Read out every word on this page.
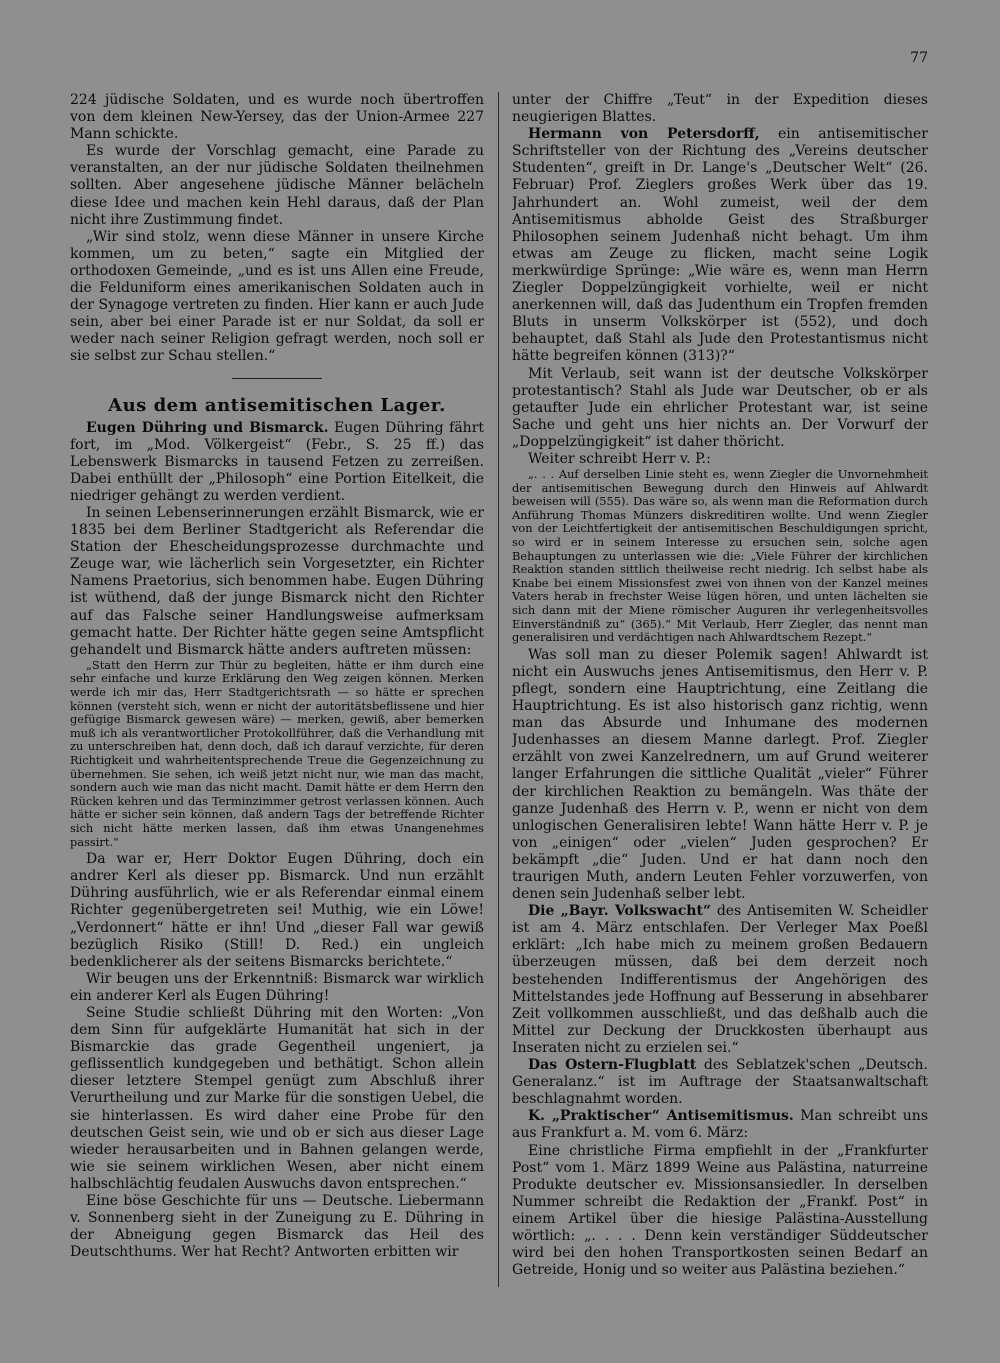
77

224 jüdische Soldaten, und es wurde noch übertroffen von dem kleinen New-Yersey, das der Union-Armee 227 Mann schickte.

Es wurde der Vorschlag gemacht, eine Parade zu veranstalten, an der nur jüdische Soldaten theilnehmen sollten. Aber angesehene jüdische Männer belächeln diese Idee und machen kein Hehl daraus, daß der Plan nicht ihre Zustimmung findet.

„Wir sind stolz, wenn diese Männer in unsere Kirche kommen, um zu beten,“ sagte ein Mitglied der orthodoxen Gemeinde, „und es ist uns Allen eine Freude, die Felduniform eines amerikanischen Soldaten auch in der Synagoge vertreten zu finden. Hier kann er auch Jude sein, aber bei einer Parade ist er nur Soldat, da soll er weder nach seiner Religion gefragt werden, noch soll er sie selbst zur Schau stellen.“

Aus dem antisemitischen Lager.

Eugen Dühring und Bismarck. Eugen Dühring fährt fort, im „Mod. Völkergeist“ (Febr., S. 25 ff.) das Lebenswerk Bismarcks in tausend Fetzen zu zerreißen. Dabei enthüllt der „Philosoph“ eine Portion Eitelkeit, die niedriger gehängt zu werden verdient.

In seinen Lebenserinnerungen erzählt Bismarck, wie er 1835 bei dem Berliner Stadtgericht als Referendar die Station der Ehescheidungsprozesse durchmachte und Zeuge war, wie lächerlich sein Vorgesetzter, ein Richter Namens Praetorius, sich benommen habe. Eugen Dühring ist wüthend, daß der junge Bismarck nicht den Richter auf das Falsche seiner Handlungsweise aufmerksam gemacht hatte. Der Richter hätte gegen seine Amtspflicht gehandelt und Bismarck hätte anders auftreten müssen:

„Statt den Herrn zur Thür zu begleiten, hätte er ihm durch eine sehr einfache und kurze Erklärung den Weg zeigen können. Merken werde ich mir das, Herr Stadtgerichtsrath — so hätte er sprechen können (versteht sich, wenn er nicht der autoritätsbeflissene und hier gefügige Bismarck gewesen wäre) — merken, gewiß, aber bemerken muß ich als verantwortlicher Protokollführer, daß die Verhandlung mit zu unterschreiben hat, denn doch, daß ich darauf verzichte, für deren Richtigkeit und wahrheitentsprechende Treue die Gegenzeichnung zu übernehmen. Sie sehen, ich weiß jetzt nicht nur, wie man das macht, sondern auch wie man das nicht macht. Damit hätte er dem Herrn den Rücken kehren und das Terminzimmer getrost verlassen können. Auch hätte er sicher sein können, daß andern Tags der betreffende Richter sich nicht hätte merken lassen, daß ihm etwas Unangenehmes passirt.“

Da war er, Herr Doktor Eugen Dühring, doch ein andrer Kerl als dieser pp. Bismarck. Und nun erzählt Dühring ausführlich, wie er als Referendar einmal einem Richter gegenübergetreten sei! Muthig, wie ein Löwe! „Verdonnert“ hätte er ihn! Und „dieser Fall war gewiß bezüglich Risiko (Still! D. Red.) ein ungleich bedenklicherer als der seitens Bismarcks berichtete.“

Wir beugen uns der Erkenntniß: Bismarck war wirklich ein anderer Kerl als Eugen Dühring!

Seine Studie schließt Dühring mit den Worten: „Von dem Sinn für aufgeklärte Humanität hat sich in der Bismarckie das grade Gegentheil ungeniert, ja geflissentlich kundgegeben und bethätigt. Schon allein dieser letztere Stempel genügt zum Abschluß ihrer Verurtheilung und zur Marke für die sonstigen Uebel, die sie hinterlassen. Es wird daher eine Probe für den deutschen Geist sein, wie und ob er sich aus dieser Lage wieder herausarbeiten und in Bahnen gelangen werde, wie sie seinem wirklichen Wesen, aber nicht einem halbschlächtig feudalen Auswuchs davon entsprechen.“

Eine böse Geschichte für uns — Deutsche. Liebermann v. Sonnenberg sieht in der Zuneigung zu E. Dühring in der Abneigung gegen Bismarck das Heil des Deutschthums. Wer hat Recht? Antworten erbitten wir

unter der Chiffre „Teut“ in der Expedition dieses neugierigen Blattes.

Hermann von Petersdorff, ein antisemitischer Schriftsteller von der Richtung des „Vereins deutscher Studenten“, greift in Dr. Lange's „Deutscher Welt“ (26. Februar) Prof. Zieglers großes Werk über das 19. Jahrhundert an. Wohl zumeist, weil der dem Antisemitismus abholde Geist des Straßburger Philosophen seinem Judenhaß nicht behagt. Um ihm etwas am Zeuge zu flicken, macht seine Logik merkwürdige Sprünge: „Wie wäre es, wenn man Herrn Ziegler Doppelzüngigkeit vorhielte, weil er nicht anerkennen will, daß das Judenthum ein Tropfen fremden Bluts in unserm Volkskörper ist (552), und doch behauptet, daß Stahl als Jude den Protestantismus nicht hätte begreifen können (313)?“

Mit Verlaub, seit wann ist der deutsche Volkskörper protestantisch? Stahl als Jude war Deutscher, ob er als getaufter Jude ein ehrlicher Protestant war, ist seine Sache und geht uns hier nichts an. Der Vorwurf der „Doppelzüngigkeit“ ist daher thöricht.

Weiter schreibt Herr v. P.:

„. . . Auf derselben Linie steht es, wenn Ziegler die Unvornehmheit der antisemitischen Bewegung durch den Hinweis auf Ahlwardt beweisen will (555). Das wäre so, als wenn man die Reformation durch Anführung Thomas Münzers diskreditiren wollte. Und wenn Ziegler von der Leichtfertigkeit der antisemitischen Beschuldigungen spricht, so wird er in seinem Interesse zu ersuchen sein, solche agen Behauptungen zu unterlassen wie die: „Viele Führer der kirchlichen Reaktion standen sittlich theilweise recht niedrig. Ich selbst habe als Knabe bei einem Missionsfest zwei von ihnen von der Kanzel meines Vaters herab in frechster Weise lügen hören, und unten lächelten sie sich dann mit der Miene römischer Auguren ihr verlegenheitsvolles Einverständniß zu“ (365).“ Mit Verlaub, Herr Ziegler, das nennt man generalisiren und verdächtigen nach Ahlwardtschem Rezept.“

Was soll man zu dieser Polemik sagen! Ahlwardt ist nicht ein Auswuchs jenes Antisemitismus, den Herr v. P. pflegt, sondern eine Hauptrichtung, eine Zeitlang die Hauptrichtung. Es ist also historisch ganz richtig, wenn man das Absurde und Inhumane des modernen Judenhasses an diesem Manne darlegt. Prof. Ziegler erzählt von zwei Kanzelrednern, um auf Grund weiterer langer Erfahrungen die sittliche Qualität „vieler“ Führer der kirchlichen Reaktion zu bemängeln. Was thäte der ganze Judenhaß des Herrn v. P., wenn er nicht von dem unlogischen Generalisiren lebte! Wann hätte Herr v. P. je von „einigen“ oder „vielen“ Juden gesprochen? Er bekämpft „die“ Juden. Und er hat dann noch den traurigen Muth, andern Leuten Fehler vorzuwerfen, von denen sein Judenhaß selber lebt.

Die „Bayr. Volkswacht“ des Antisemiten W. Scheidler ist am 4. März entschlafen. Der Verleger Max Poeßl erklärt: „Ich habe mich zu meinem großen Bedauern überzeugen müssen, daß bei dem derzeit noch bestehenden Indifferentismus der Angehörigen des Mittelstandes jede Hoffnung auf Besserung in absehbarer Zeit vollkommen ausschließt, und das deßhalb auch die Mittel zur Deckung der Druckkosten überhaupt aus Inseraten nicht zu erzielen sei.“

Das Ostern-Flugblatt des Seblatzek'schen „Deutsch. Generalanz.“ ist im Auftrage der Staatsanwaltschaft beschlagnahmt worden.

K. „Praktischer“ Antisemitismus. Man schreibt uns aus Frankfurt a. M. vom 6. März:

Eine christliche Firma empfiehlt in der „Frankfurter Post“ vom 1. März 1899 Weine aus Palästina, naturreine Produkte deutscher ev. Missionsansiedler. In derselben Nummer schreibt die Redaktion der „Frankf. Post“ in einem Artikel über die hiesige Palästina-Ausstellung wörtlich: „. . . . Denn kein verständiger Süddeutscher wird bei den hohen Transportkosten seinen Bedarf an Getreide, Honig und so weiter aus Palästina beziehen.“
